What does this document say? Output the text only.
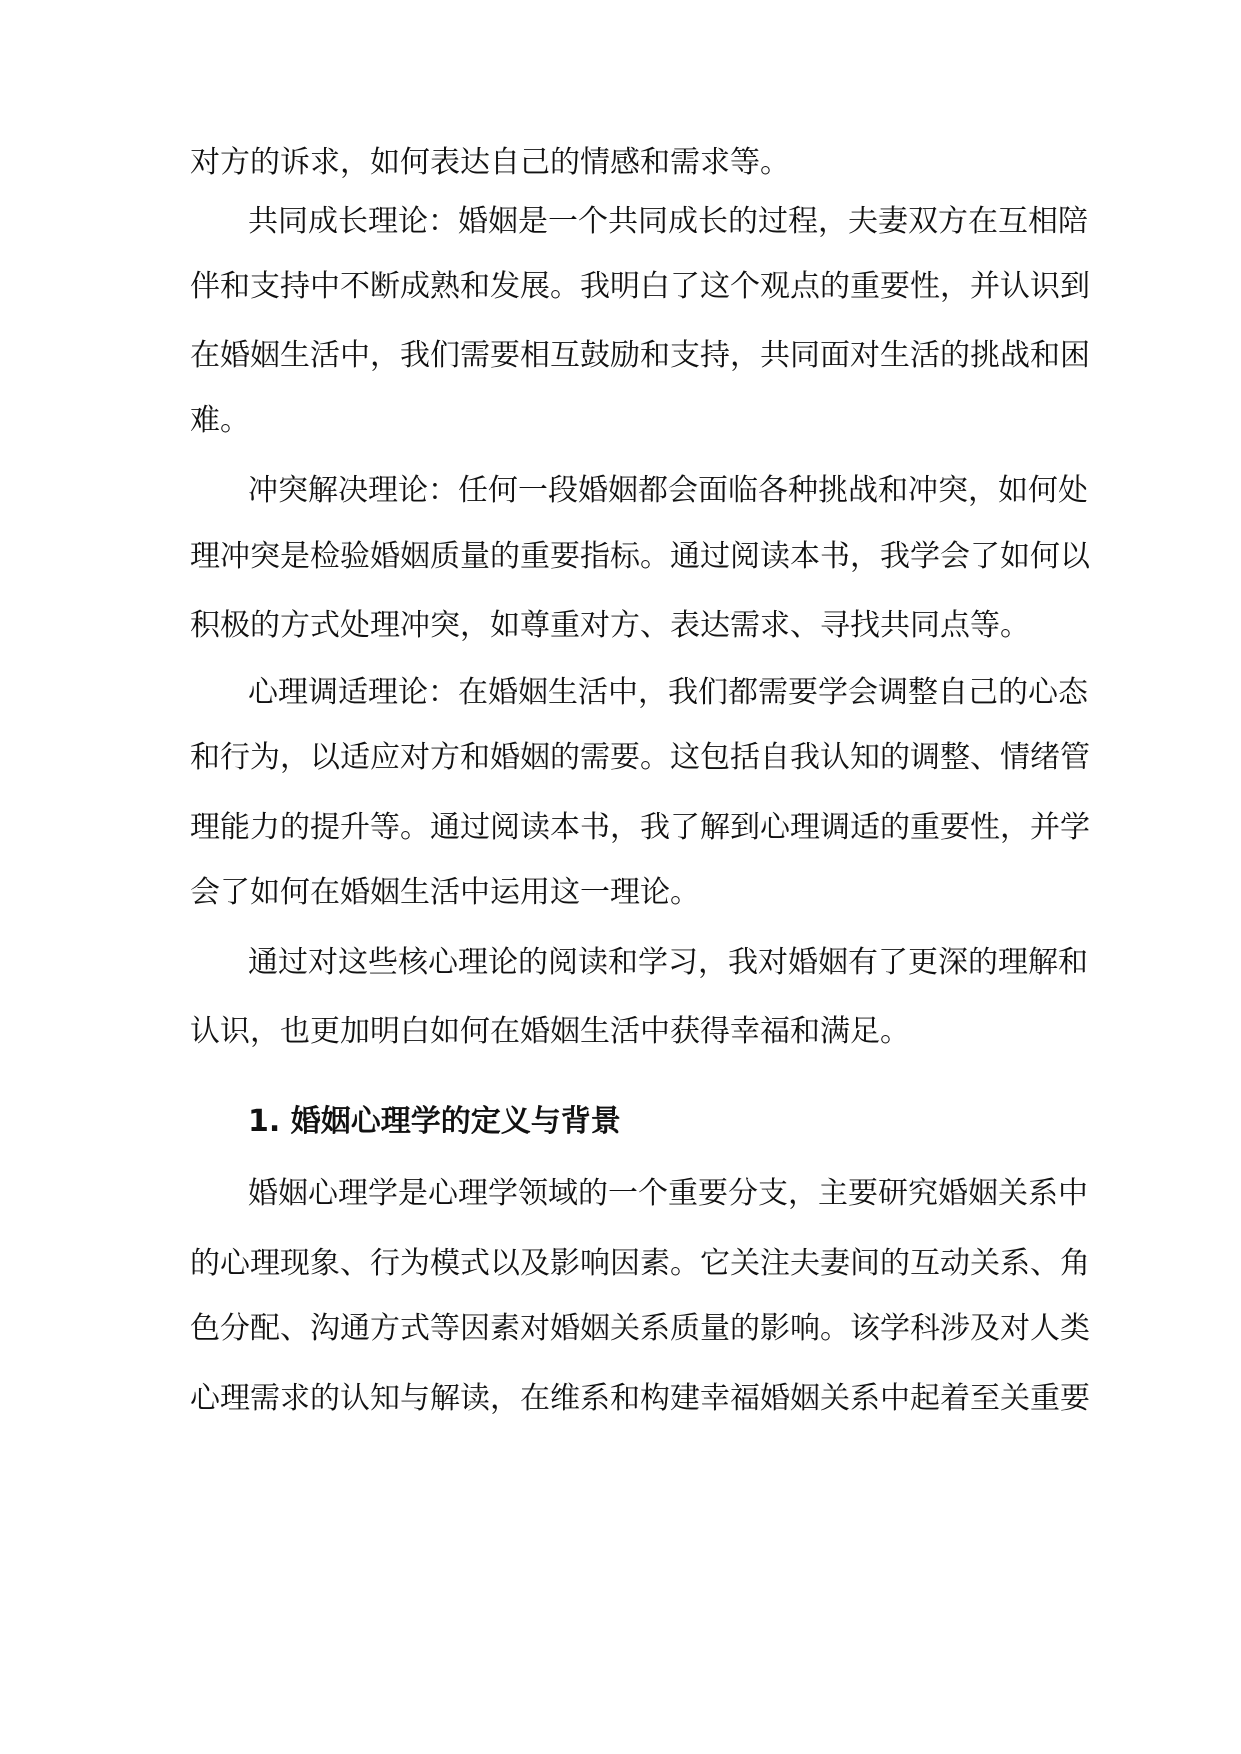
对方的诉求，如何表达自己的情感和需求等。

共同成长理论：婚姻是一个共同成长的过程，夫妻双方在互相陪

伴和支持中不断成熟和发展。我明白了这个观点的重要性，并认识到

在婚姻生活中，我们需要相互鼓励和支持，共同面对生活的挑战和困

难。

冲突解决理论：任何一段婚姻都会面临各种挑战和冲突，如何处

理冲突是检验婚姻质量的重要指标。通过阅读本书，我学会了如何以

积极的方式处理冲突，如尊重对方、表达需求、寻找共同点等。

心理调适理论：在婚姻生活中，我们都需要学会调整自己的心态

和行为，以适应对方和婚姻的需要。这包括自我认知的调整、情绪管

理能力的提升等。通过阅读本书，我了解到心理调适的重要性，并学

会了如何在婚姻生活中运用这一理论。

通过对这些核心理论的阅读和学习，我对婚姻有了更深的理解和

认识，也更加明白如何在婚姻生活中获得幸福和满足。

1. 婚姻心理学的定义与背景

婚姻心理学是心理学领域的一个重要分支，主要研究婚姻关系中

的心理现象、行为模式以及影响因素。它关注夫妻间的互动关系、角

色分配、沟通方式等因素对婚姻关系质量的影响。该学科涉及对人类

心理需求的认知与解读，在维系和构建幸福婚姻关系中起着至关重要
